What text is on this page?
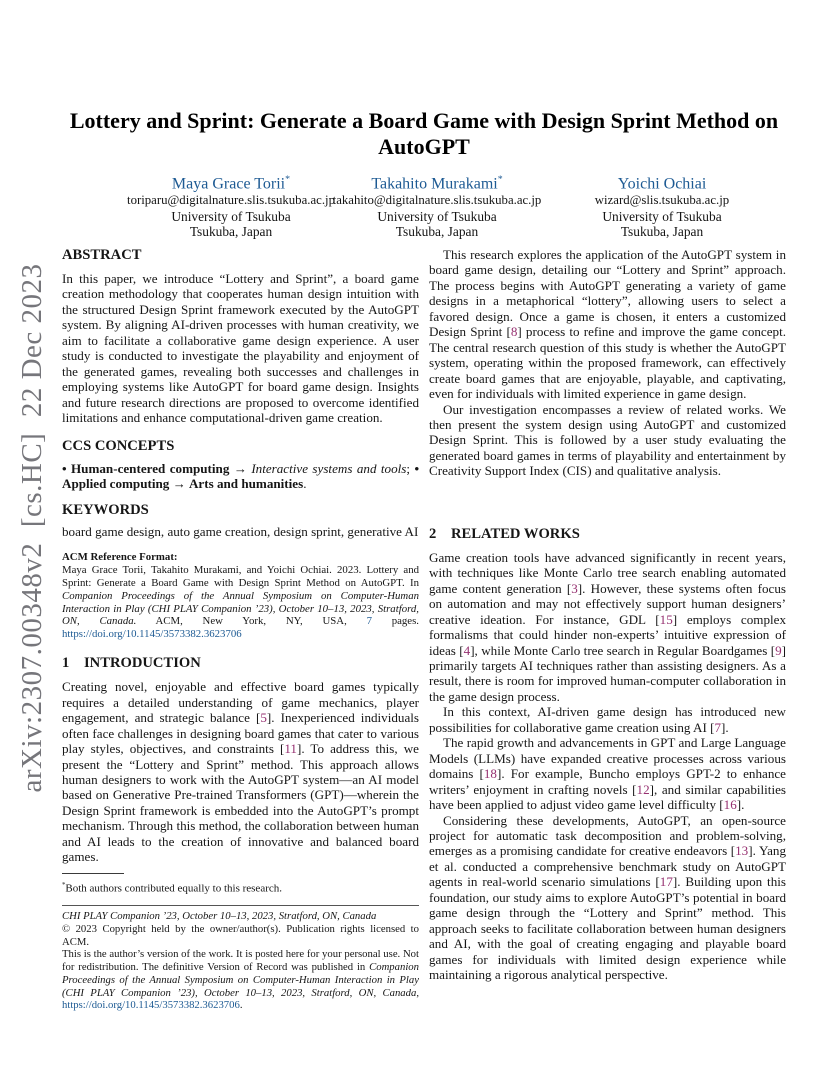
arXiv:2307.00348v2  [cs.HC]  22 Dec 2023
Lottery and Sprint: Generate a Board Game with Design Sprint Method on AutoGPT
Maya Grace Torii*
toriparu@digitalnature.slis.tsukuba.ac.jp
University of Tsukuba
Tsukuba, Japan
Takahito Murakami*
takahito@digitalnature.slis.tsukuba.ac.jp
University of Tsukuba
Tsukuba, Japan
Yoichi Ochiai
wizard@slis.tsukuba.ac.jp
University of Tsukuba
Tsukuba, Japan
ABSTRACT

In this paper, we introduce “Lottery and Sprint”, a board game creation methodology that cooperates human design intuition with the structured Design Sprint framework executed by the AutoGPT system. By aligning AI-driven processes with human creativity, we aim to facilitate a collaborative game design experience. A user study is conducted to investigate the playability and enjoyment of the generated games, revealing both successes and challenges in employing systems like AutoGPT for board game design. Insights and future research directions are proposed to overcome identified limitations and enhance computational-driven game creation.

CCS CONCEPTS

• Human-centered computing → Interactive systems and tools; • Applied computing → Arts and humanities.

KEYWORDS

board game design, auto game creation, design sprint, generative AI

ACM Reference Format:

Maya Grace Torii, Takahito Murakami, and Yoichi Ochiai. 2023. Lottery and Sprint: Generate a Board Game with Design Sprint Method on AutoGPT. In Companion Proceedings of the Annual Symposium on Computer-Human Interaction in Play (CHI PLAY Companion ’23), October 10–13, 2023, Stratford, ON, Canada. ACM, New York, NY, USA, 7 pages. https://doi.org/10.1145/3573382.3623706

1 INTRODUCTION

Creating novel, enjoyable and effective board games typically requires a detailed understanding of game mechanics, player engagement, and strategic balance [5]. Inexperienced individuals often face challenges in designing board games that cater to various play styles, objectives, and constraints [11]. To address this, we present the “Lottery and Sprint” method. This approach allows human designers to work with the AutoGPT system—an AI model based on Generative Pre-trained Transformers (GPT)—wherein the Design Sprint framework is embedded into the AutoGPT’s prompt mechanism. Through this method, the collaboration between human and AI leads to the creation of innovative and balanced board games.

*Both authors contributed equally to this research.
CHI PLAY Companion ’23, October 10–13, 2023, Stratford, ON, Canada
© 2023 Copyright held by the owner/author(s). Publication rights licensed to ACM.
This is the author’s version of the work. It is posted here for your personal use. Not for redistribution. The definitive Version of Record was published in Companion Proceedings of the Annual Symposium on Computer-Human Interaction in Play (CHI PLAY Companion ’23), October 10–13, 2023, Stratford, ON, Canada, https://doi.org/10.1145/3573382.3623706.

This research explores the application of the AutoGPT system in board game design, detailing our “Lottery and Sprint” approach. The process begins with AutoGPT generating a variety of game designs in a metaphorical “lottery”, allowing users to select a favored design. Once a game is chosen, it enters a customized Design Sprint [8] process to refine and improve the game concept. The central research question of this study is whether the AutoGPT system, operating within the proposed framework, can effectively create board games that are enjoyable, playable, and captivating, even for individuals with limited experience in game design.

Our investigation encompasses a review of related works. We then present the system design using AutoGPT and customized Design Sprint. This is followed by a user study evaluating the generated board games in terms of playability and entertainment by Creativity Support Index (CIS) and qualitative analysis.

2 RELATED WORKS

Game creation tools have advanced significantly in recent years, with techniques like Monte Carlo tree search enabling automated game content generation [3]. However, these systems often focus on automation and may not effectively support human designers’ creative ideation. For instance, GDL [15] employs complex formalisms that could hinder non-experts’ intuitive expression of ideas [4], while Monte Carlo tree search in Regular Boardgames [9] primarily targets AI techniques rather than assisting designers. As a result, there is room for improved human-computer collaboration in the game design process.

In this context, AI-driven game design has introduced new possibilities for collaborative game creation using AI [7].

The rapid growth and advancements in GPT and Large Language Models (LLMs) have expanded creative processes across various domains [18]. For example, Buncho employs GPT-2 to enhance writers’ enjoyment in crafting novels [12], and similar capabilities have been applied to adjust video game level difficulty [16].

Considering these developments, AutoGPT, an open-source project for automatic task decomposition and problem-solving, emerges as a promising candidate for creative endeavors [13]. Yang et al. conducted a comprehensive benchmark study on AutoGPT agents in real-world scenario simulations [17]. Building upon this foundation, our study aims to explore AutoGPT’s potential in board game design through the “Lottery and Sprint” method. This approach seeks to facilitate collaboration between human designers and AI, with the goal of creating engaging and playable board games for individuals with limited design experience while maintaining a rigorous analytical perspective.
